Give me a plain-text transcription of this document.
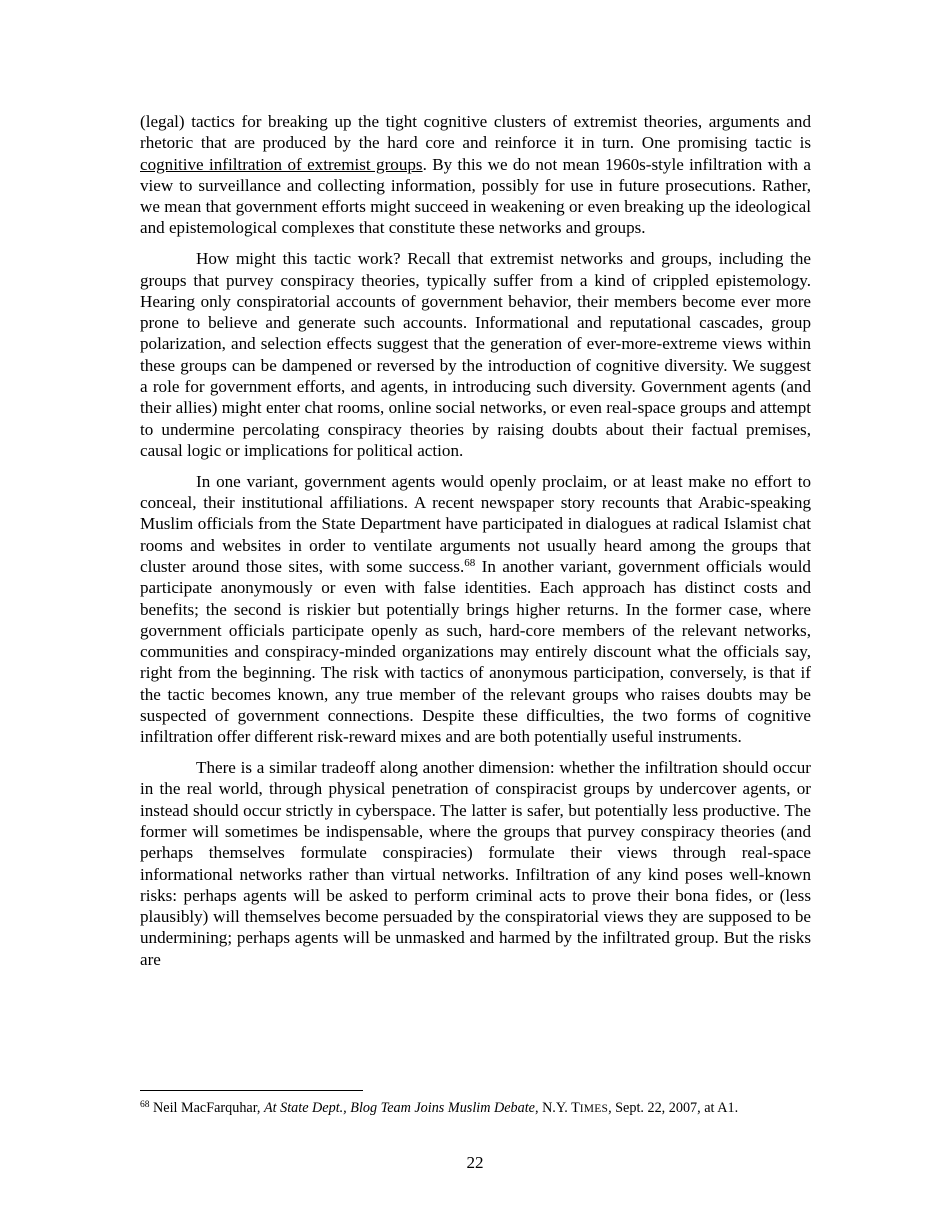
(legal) tactics for breaking up the tight cognitive clusters of extremist theories, arguments and rhetoric that are produced by the hard core and reinforce it in turn. One promising tactic is cognitive infiltration of extremist groups. By this we do not mean 1960s-style infiltration with a view to surveillance and collecting information, possibly for use in future prosecutions. Rather, we mean that government efforts might succeed in weakening or even breaking up the ideological and epistemological complexes that constitute these networks and groups.

How might this tactic work? Recall that extremist networks and groups, including the groups that purvey conspiracy theories, typically suffer from a kind of crippled epistemology. Hearing only conspiratorial accounts of government behavior, their members become ever more prone to believe and generate such accounts. Informational and reputational cascades, group polarization, and selection effects suggest that the generation of ever-more-extreme views within these groups can be dampened or reversed by the introduction of cognitive diversity. We suggest a role for government efforts, and agents, in introducing such diversity. Government agents (and their allies) might enter chat rooms, online social networks, or even real-space groups and attempt to undermine percolating conspiracy theories by raising doubts about their factual premises, causal logic or implications for political action.

In one variant, government agents would openly proclaim, or at least make no effort to conceal, their institutional affiliations. A recent newspaper story recounts that Arabic-speaking Muslim officials from the State Department have participated in dialogues at radical Islamist chat rooms and websites in order to ventilate arguments not usually heard among the groups that cluster around those sites, with some success.$^{68}$ In another variant, government officials would participate anonymously or even with false identities. Each approach has distinct costs and benefits; the second is riskier but potentially brings higher returns. In the former case, where government officials participate openly as such, hard-core members of the relevant networks, communities and conspiracy-minded organizations may entirely discount what the officials say, right from the beginning. The risk with tactics of anonymous participation, conversely, is that if the tactic becomes known, any true member of the relevant groups who raises doubts may be suspected of government connections. Despite these difficulties, the two forms of cognitive infiltration offer different risk-reward mixes and are both potentially useful instruments.

There is a similar tradeoff along another dimension: whether the infiltration should occur in the real world, through physical penetration of conspiracist groups by undercover agents, or instead should occur strictly in cyberspace. The latter is safer, but potentially less productive. The former will sometimes be indispensable, where the groups that purvey conspiracy theories (and perhaps themselves formulate conspiracies) formulate their views through real-space informational networks rather than virtual networks. Infiltration of any kind poses well-known risks: perhaps agents will be asked to perform criminal acts to prove their bona fides, or (less plausibly) will themselves become persuaded by the conspiratorial views they are supposed to be undermining; perhaps agents will be unmasked and harmed by the infiltrated group. But the risks are

$^{68}$ Neil MacFarquhar, At State Dept., Blog Team Joins Muslim Debate, N.Y. TIMES, Sept. 22, 2007, at A1.
22
